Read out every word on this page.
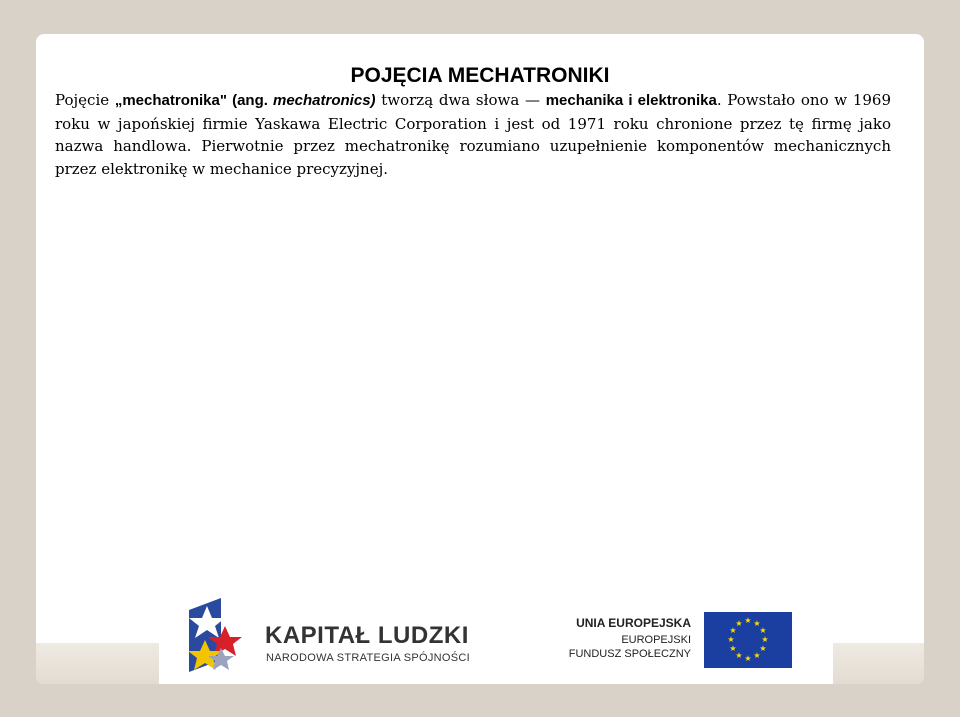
POJĘCIA MECHATRONIKI

Pojęcie „mechatronika" (ang. mechatronics) tworzą dwa słowa — mechanika i elektronika. Powstało ono w 1969 roku w japońskiej firmie Yaskawa Electric Corporation i jest od 1971 roku chronione przez tę firmę jako nazwa handlowa. Pierwotnie przez mechatronikę rozumiano uzupełnienie komponentów mechanicznych przez elektronikę w mechanice precyzyjnej.

KAPITAŁ LUDZKI
NARODOWA STRATEGIA SPÓJNOŚCI
UNIA EUROPEJSKA
EUROPEJSKI
FUNDUSZ SPOŁECZNY
★ ★
★
★
★
★
★
★
★
★
★
★
